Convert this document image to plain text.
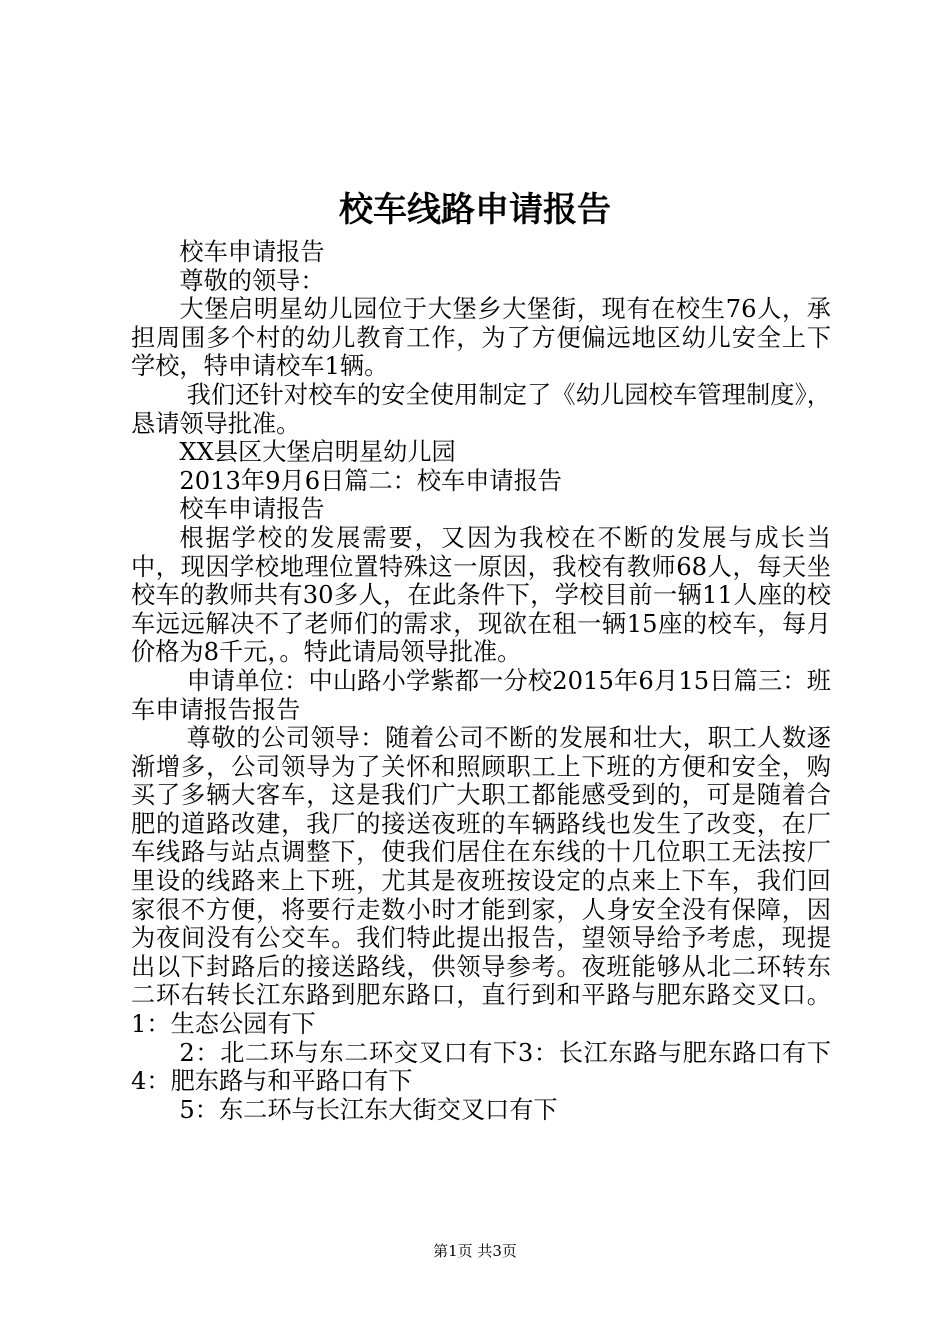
校车线路申请报告

校车申请报告

尊敬的领导：

大堡启明星幼儿园位于大堡乡大堡街，现有在校生76人，承担周围多个村的幼儿教育工作，为了方便偏远地区幼儿安全上下学校，特申请校车1辆。

我们还针对校车的安全使用制定了《幼儿园校车管理制度》，恳请领导批准。

XX县区大堡启明星幼儿园

2013年9月6日篇二：校车申请报告

校车申请报告

根据学校的发展需要，又因为我校在不断的发展与成长当中，现因学校地理位置特殊这一原因，我校有教师68人，每天坐校车的教师共有30多人，在此条件下，学校目前一辆11人座的校车远远解决不了老师们的需求，现欲在租一辆15座的校车，每月价格为8千元，。特此请局领导批准。

申请单位：中山路小学紫都一分校2015年6月15日篇三：班车申请报告报告

尊敬的公司领导：随着公司不断的发展和壮大，职工人数逐渐增多，公司领导为了关怀和照顾职工上下班的方便和安全，购买了多辆大客车，这是我们广大职工都能感受到的，可是随着合肥的道路改建，我厂的接送夜班的车辆路线也发生了改变，在厂车线路与站点调整下，使我们居住在东线的十几位职工无法按厂里设的线路来上下班，尤其是夜班按设定的点来上下车，我们回家很不方便，将要行走数小时才能到家，人身安全没有保障，因为夜间没有公交车。我们特此提出报告，望领导给予考虑，现提出以下封路后的接送路线，供领导参考。夜班能够从北二环转东二环右转长江东路到肥东路口，直行到和平路与肥东路交叉口。1：生态公园有下

2：北二环与东二环交叉口有下3：长江东路与肥东路口有下4：肥东路与和平路口有下

5：东二环与长江东大街交叉口有下

第1页 共3页
